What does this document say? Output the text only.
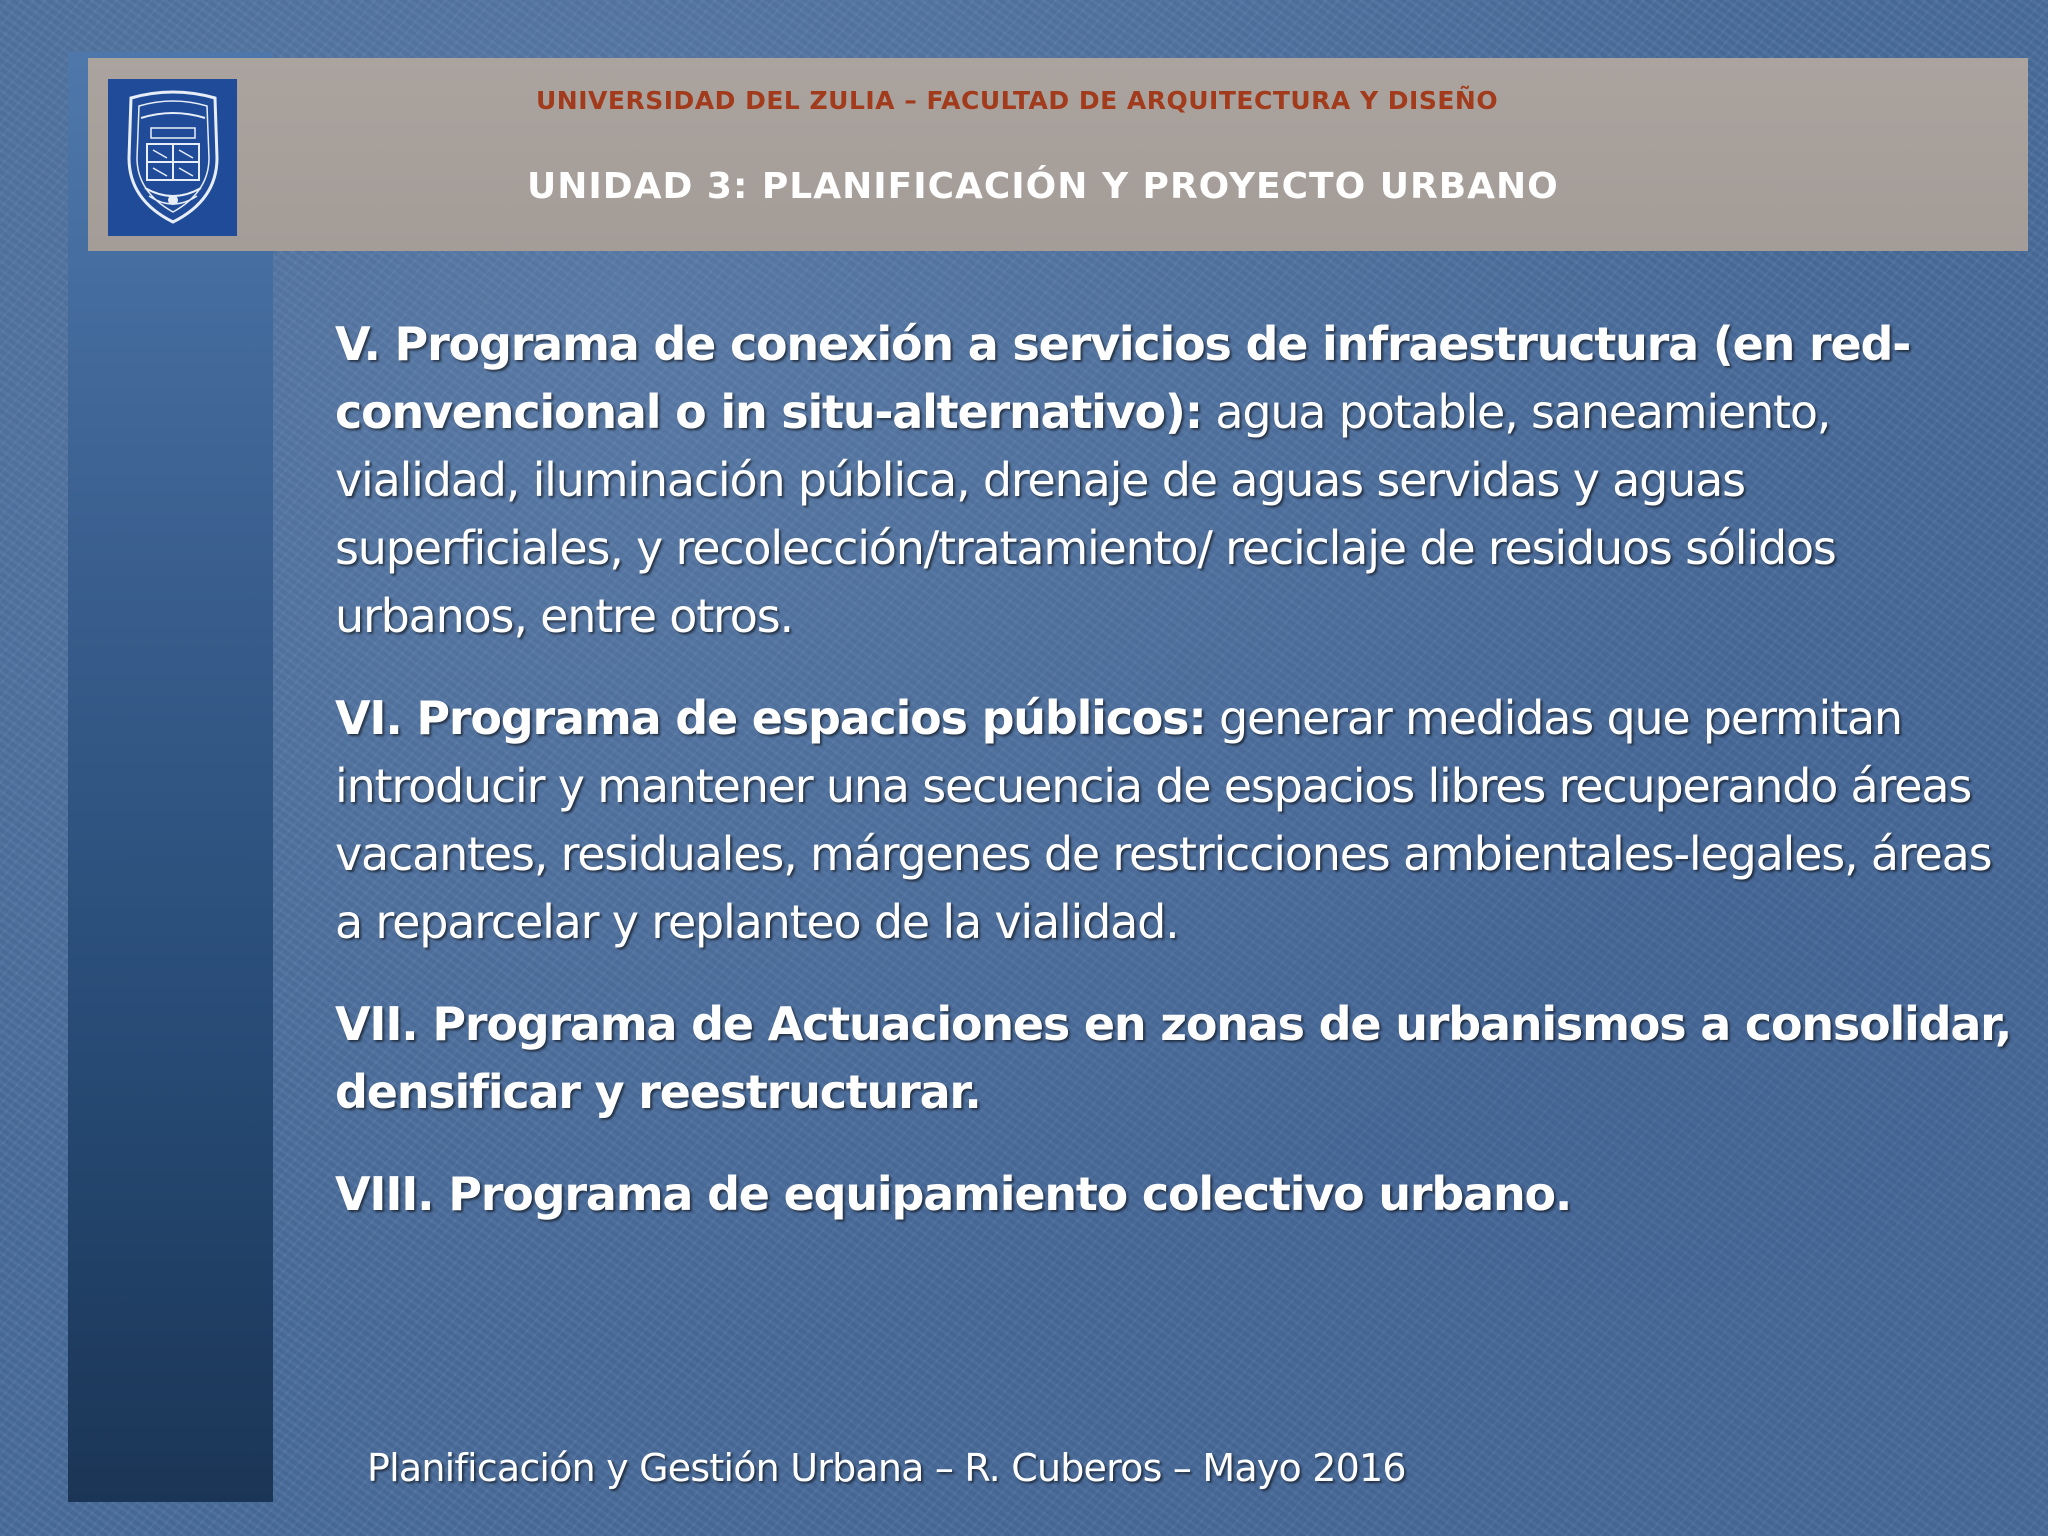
UNIVERSIDAD DEL ZULIA – FACULTAD DE ARQUITECTURA Y DISEÑO
UNIDAD 3: PLANIFICACIÓN Y PROYECTO URBANO

V. Programa de conexión a servicios de infraestructura (en red-convencional o in situ-alternativo): agua potable, saneamiento, vialidad, iluminación pública, drenaje de aguas servidas y aguas superficiales, y recolección/tratamiento/ reciclaje de residuos sólidos urbanos, entre otros.

VI. Programa de espacios públicos: generar medidas que permitan introducir y mantener una secuencia de espacios libres recuperando áreas vacantes, residuales, márgenes de restricciones ambientales-legales, áreas a reparcelar y replanteo de la vialidad.

VII. Programa de Actuaciones en zonas de urbanismos a consolidar, densificar y reestructurar.

VIII. Programa de equipamiento colectivo urbano.

Planificación y Gestión Urbana – R. Cuberos – Mayo 2016
